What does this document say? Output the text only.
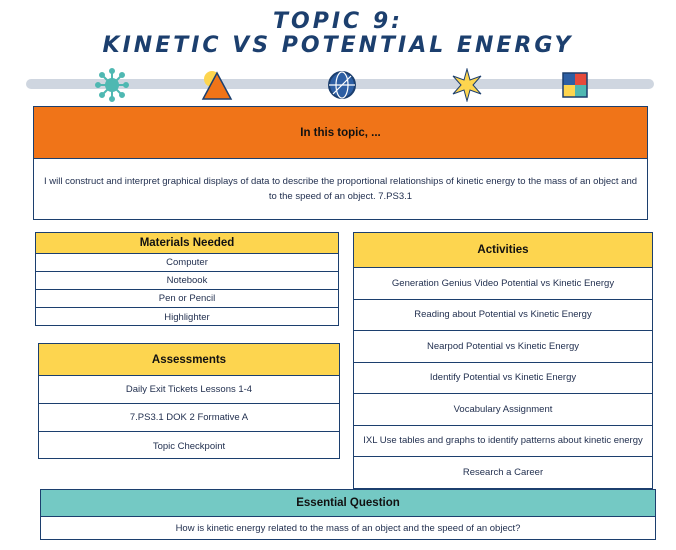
TOPIC 9:
KINETIC VS POTENTIAL ENERGY
In this topic, ...
I will construct and interpret graphical displays of data to describe the proportional relationships of kinetic energy to the mass of an object and to the speed of an object. 7.PS3.1
Materials Needed
Computer
Notebook
Pen or Pencil
Highlighter
Assessments
Daily Exit Tickets Lessons 1-4
7.PS3.1 DOK 2 Formative A
Topic Checkpoint
Activities
Generation Genius Video Potential vs Kinetic Energy
Reading about Potential vs Kinetic Energy
Nearpod Potential vs Kinetic Energy
Identify Potential vs Kinetic Energy
Vocabulary Assignment
IXL Use tables and graphs to identify patterns about kinetic energy
Research a Career
Essential Question
How is kinetic energy related to the mass of an object and the speed of an object?
